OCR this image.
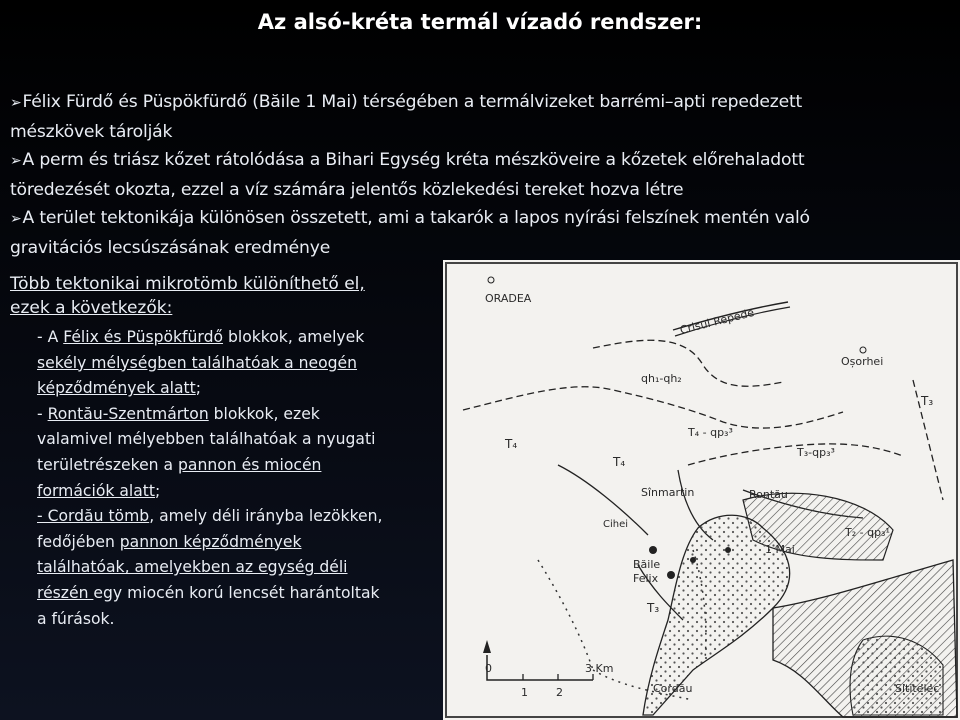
Az alsó-kréta termál vízadó rendszer:

➢Félix Fürdő és Püspökfürdő (Băile 1 Mai) térségében a termálvizeket barrémi–apti repedezett
mészkövek tárolják

➢A perm és triász kőzet rátolódása a Bihari Egység kréta mészköveire a kőzetek előrehaladott
töredezését okozta, ezzel a víz számára jelentős közlekedési tereket hozva létre

➢A terület tektonikája különösen összetett, ami a takarók a lapos nyírási felszínek mentén való
gravitációs lecsúszásának eredménye

Több tektonikai mikrotömb különíthető el,
ezek a következők:

- A Félix és Püspökfürdő blokkok, amelyek
sekély mélységben találhatóak a neogén
képződmények alatt;

- Rontău-Szentmárton blokkok, ezek
valamivel mélyebben találhatóak a nyugati
területrészeken a pannon és miocén
formációk alatt;

- Cordău tömb, amely déli irányba lezökken,
fedőjében pannon képződmények
találhatóak, amelyekben az egység déli
részén egy miocén korú lencsét harántoltak
a fúrások.

ORADEA
Crisul Repede
Oșorhei
qh₁-qh₂
T₃
T₄ - qp₃³
T₃-qp₃³
T₄
T₄
Sînmartin	Rontău
Cihei
T₂ - qp₃¹
1 Mai
Băile
Felix
T₃
Cordău	Sititelec
0
1	2
3 Km
